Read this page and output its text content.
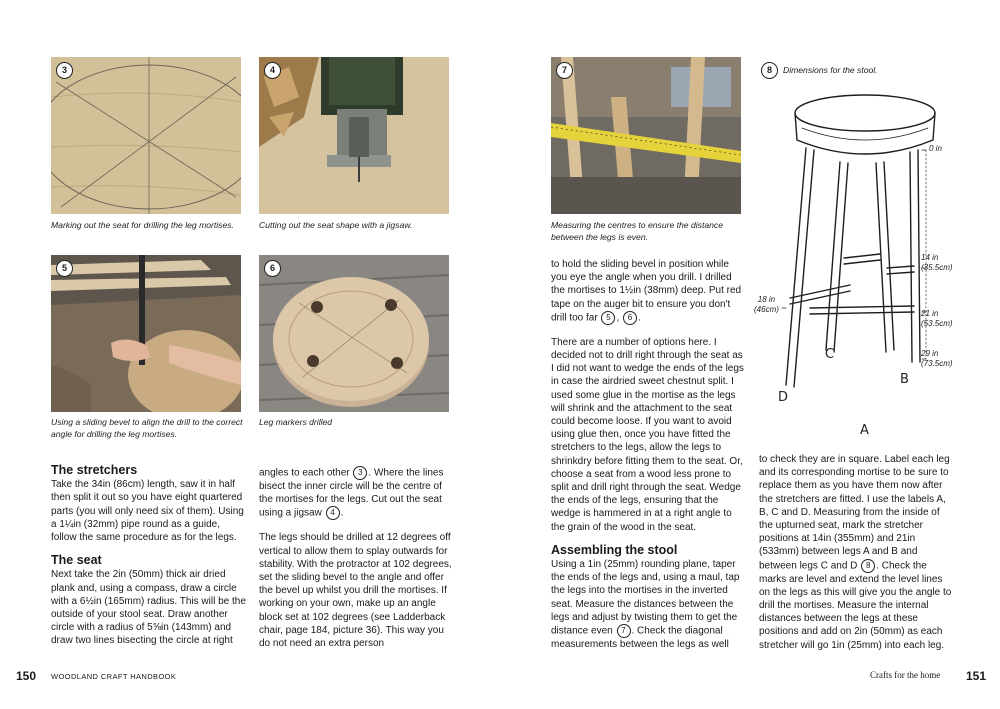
3
Marking out the seat for drilling the leg mortises.
4
Cutting out the seat shape with a jigsaw.
5
Using a sliding bevel to align the drill to the correct angle for drilling the leg mortises.
6
Leg markers drilled
The stretchers

Take the 34in (86cm) length, saw it in half then split it out so you have eight quartered parts (you will only need six of them). Using a 1¼in (32mm) pipe round as a guide, follow the same procedure as for the legs.

The seat

Next take the 2in (50mm) thick air dried plank and, using a compass, draw a circle with a 6½in (165mm) radius. This will be the outside of your stool seat. Draw another circle with a radius of 5⅝in (143mm) and draw two lines bisecting the circle at right

angles to each other 3 . Where the lines bisect the inner circle will be the centre of the mortises for the legs. Cut out the seat using a jigsaw 4 .

The legs should be drilled at 12 degrees off vertical to allow them to splay outwards for stability. With the protractor at 102 degrees, set the sliding bevel to the angle and offer the bevel up whilst you drill the mortises. If working on your own, make up an angle block set at 102 degrees (see Ladderback chair, page 184, picture 36). This way you do not need an extra person

150 WOODLAND CRAFT HANDBOOK
7
Measuring the centres to ensure the distance between the legs is even.
8	Dimensions for the stool.
0 in
14 in
(35.5cm)
18 in
(46cm)	21 in
(53.5cm)
29 in
(73.5cm)
C
B
D
A

to hold the sliding bevel in position while you eye the angle when you drill. I drilled the mortises to 1½in (38mm) deep. Put red tape on the auger bit to ensure you don't drill too far 5 , 6 .

There are a number of options here. I decided not to drill right through the seat as I did not want to wedge the ends of the legs in case the airdried sweet chestnut split. I used some glue in the mortise as the legs will shrink and the attachment to the seat could become loose. If you want to avoid using glue then, once you have fitted the stretchers to the legs, allow the legs to shrinkdry before fitting them to the seat. Or, choose a seat from a wood less prone to split and drill right through the seat. Wedge the ends of the legs, ensuring that the wedge is hammered in at a right angle to the grain of the wood in the seat.

Assembling the stool

Using a 1in (25mm) rounding plane, taper the ends of the legs and, using a maul, tap the legs into the mortises in the inverted seat. Measure the distances between the legs and adjust by twisting them to get the distance even 7 . Check the diagonal measurements between the legs as well

to check they are in square. Label each leg and its corresponding mortise to be sure to replace them as you have them now after the stretchers are fitted. I use the labels A, B, C and D. Measuring from the inside of the upturned seat, mark the stretcher positions at 14in (355mm) and 21in (533mm) between legs A and B and between legs C and D 8 . Check the marks are level and extend the level lines on the legs as this will give you the angle to drill the mortises. Measure the internal distances between the legs at these positions and add on 2in (50mm) as each stretcher will go 1in (25mm) into each leg.

Crafts for the home 151
